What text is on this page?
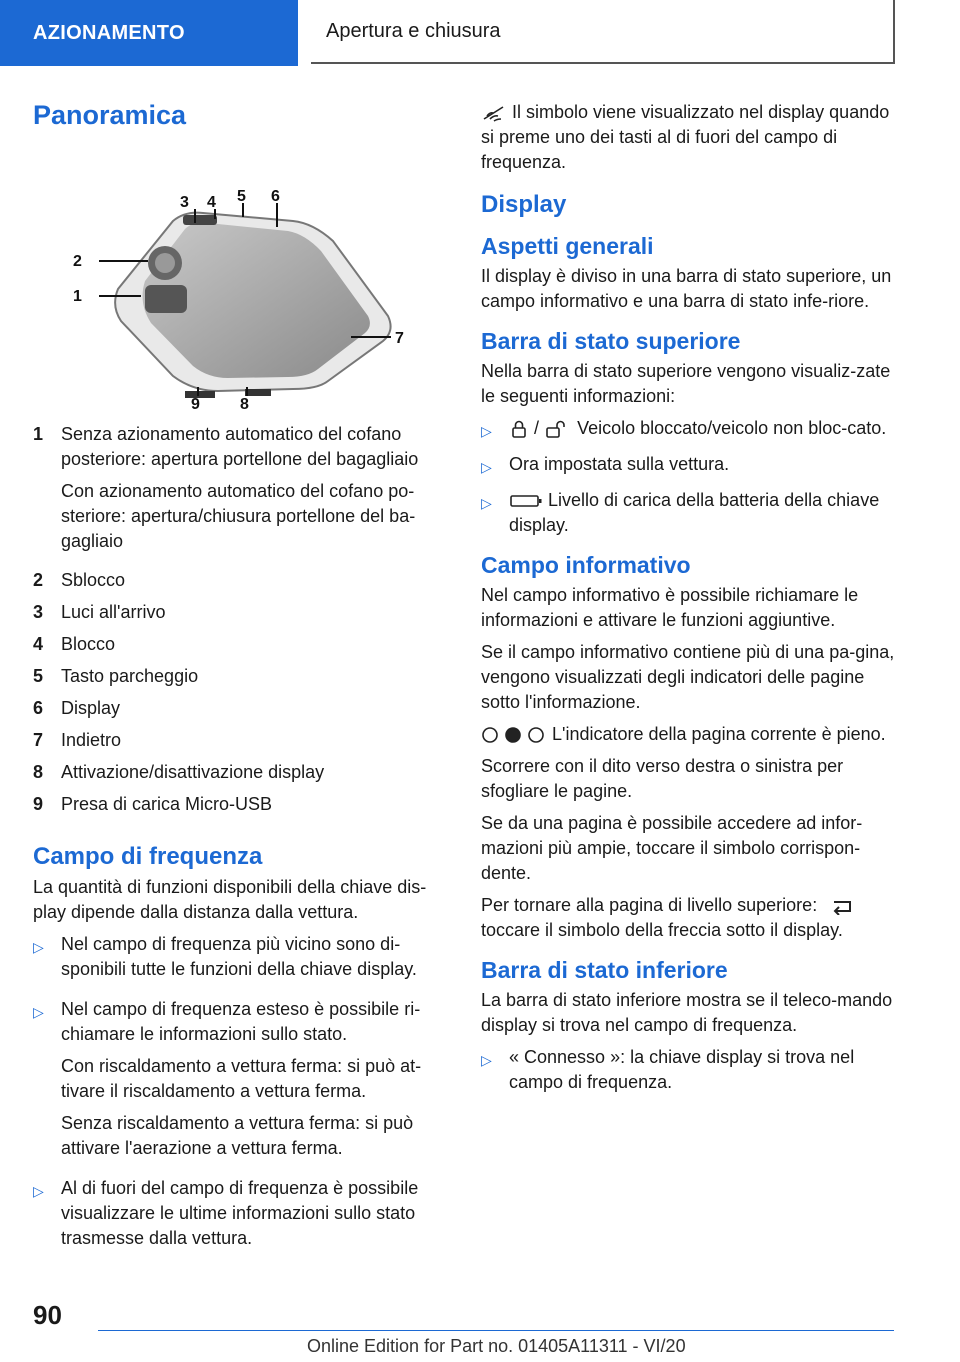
AZIONAMENTO	Apertura e chiusura
Panoramica
3 4 5 6
2
1
7
9	8
1 Senza azionamento automatico del cofano posteriore: apertura portellone del bagagliaio

Con azionamento automatico del cofano po-steriore: apertura/chiusura portellone del ba-gagliaio

2 Sblocco
3 Luci all'arrivo
4 Blocco
5 Tasto parcheggio
6 Display
7 Indietro
8 Attivazione/disattivazione display
9 Presa di carica Micro-USB
Campo di frequenza

La quantità di funzioni disponibili della chiave dis-play dipende dalla distanza dalla vettura.

▷ Nel campo di frequenza più vicino sono di-sponibili tutte le funzioni della chiave display.

▷ Nel campo di frequenza esteso è possibile ri-chiamare le informazioni sullo stato.

Con riscaldamento a vettura ferma: si può at-tivare il riscaldamento a vettura ferma.

Senza riscaldamento a vettura ferma: si può attivare l'aerazione a vettura ferma.

▷ Al di fuori del campo di frequenza è possibile visualizzare le ultime informazioni sullo stato trasmesse dalla vettura.

Il simbolo viene visualizzato nel display quando si preme uno dei tasti al di fuori del campo di frequenza.

Display
Aspetti generali

Il display è diviso in una barra di stato superiore, un campo informativo e una barra di stato infe-riore.

Barra di stato superiore

Nella barra di stato superiore vengono visualiz-zate le seguenti informazioni:

▷	/ Veicolo bloccato/veicolo non bloc-cato.
▷ Ora impostata sulla vettura.
▷	Livello di carica della batteria della chiave display.
Campo informativo

Nel campo informativo è possibile richiamare le informazioni e attivare le funzioni aggiuntive.

Se il campo informativo contiene più di una pa-gina, vengono visualizzati degli indicatori delle pagine sotto l'informazione.

L'indicatore della pagina corrente è pieno.

Scorrere con il dito verso destra o sinistra per sfogliare le pagine.

Se da una pagina è possibile accedere ad infor-mazioni più ampie, toccare il simbolo corrispon-dente.

Per tornare alla pagina di livello superiore:
toccare il simbolo della freccia sotto il display.

Barra di stato inferiore

La barra di stato inferiore mostra se il teleco-mando display si trova nel campo di frequenza.

▷ « Connesso »: la chiave display si trova nel campo di frequenza.
90
Online Edition for Part no. 01405A11311 - VI/20
